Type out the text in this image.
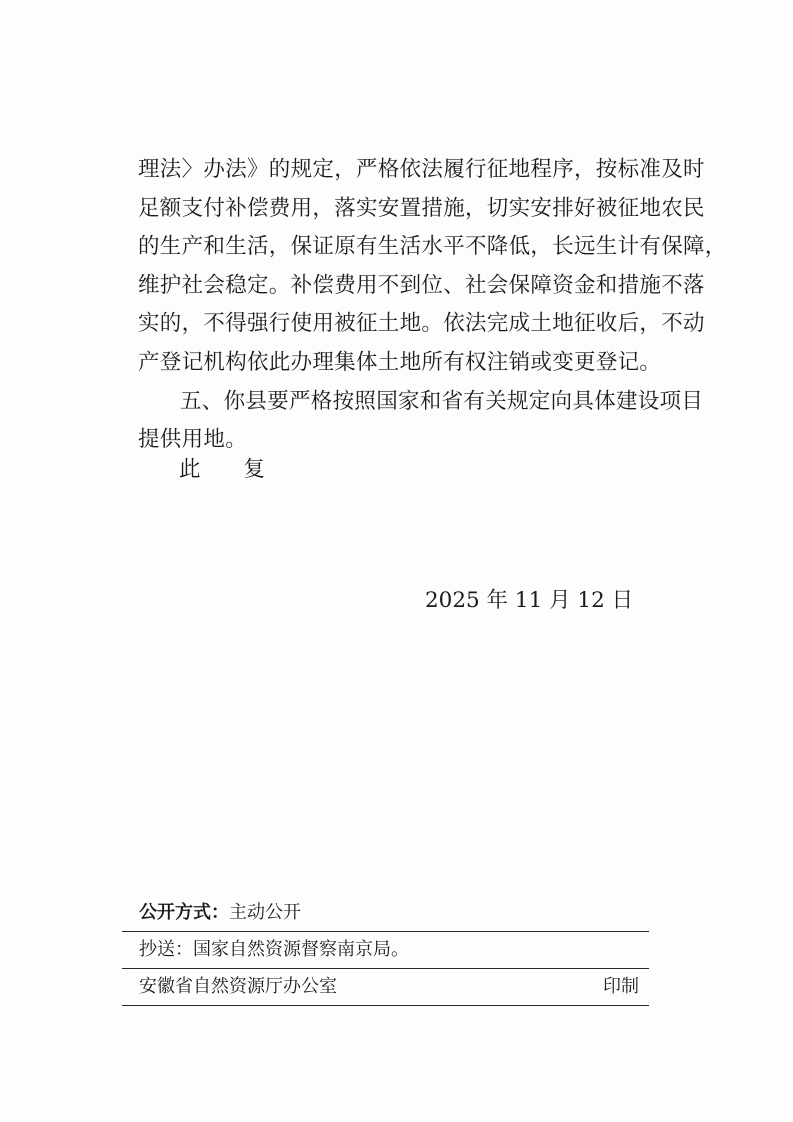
理法〉办法》的规定，严格依法履行征地程序，按标准及时
足额支付补偿费用，落实安置措施，切实安排好被征地农民
的生产和生活，保证原有生活水平不降低，长远生计有保障，
维护社会稳定。补偿费用不到位、社会保障资金和措施不落
实的，不得强行使用被征土地。依法完成土地征收后，不动
产登记机构依此办理集体土地所有权注销或变更登记。
五、你县要严格按照国家和省有关规定向具体建设项目
提供用地。
此 复
2025 年 11 月 12 日
公开方式：主动公开
抄送：国家自然资源督察南京局。
安徽省自然资源厅办公室	印制
